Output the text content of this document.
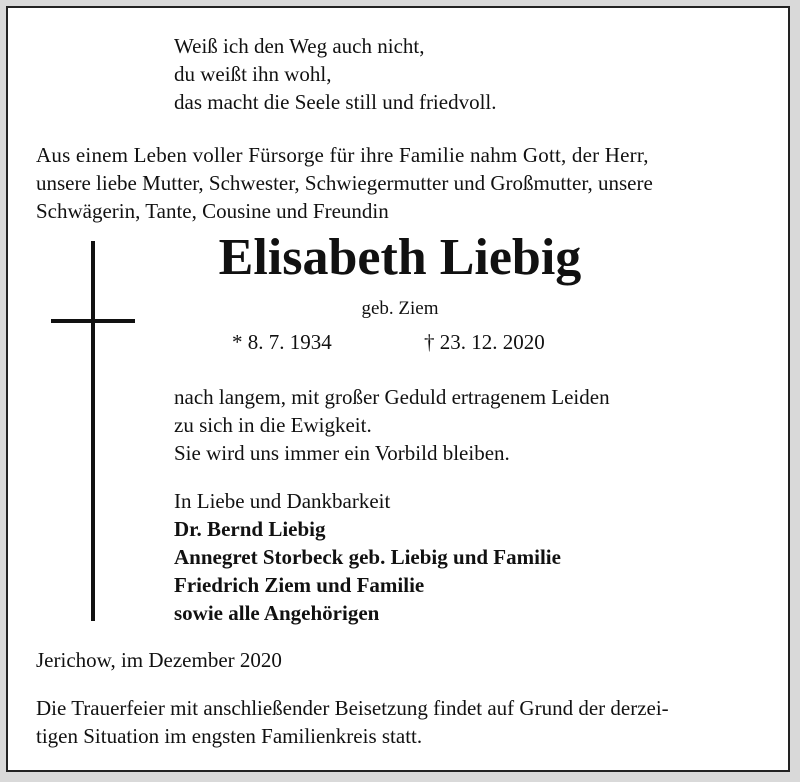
Weiß ich den Weg auch nicht,
du weißt ihn wohl,
das macht die Seele still und friedvoll.
Aus einem Leben voller Fürsorge für ihre Familie nahm Gott, der Herr,
unsere liebe Mutter, Schwester, Schwiegermutter und Großmutter, unsere
Schwägerin, Tante, Cousine und Freundin
Elisabeth Liebig
geb. Ziem
* 8. 7. 1934	† 23. 12. 2020
nach langem, mit großer Geduld ertragenem Leiden
zu sich in die Ewigkeit.
Sie wird uns immer ein Vorbild bleiben.
In Liebe und Dankbarkeit
Dr. Bernd Liebig
Annegret Storbeck geb. Liebig und Familie
Friedrich Ziem und Familie
sowie alle Angehörigen
Jerichow, im Dezember 2020
Die Trauerfeier mit anschließender Beisetzung findet auf Grund der derzei-
tigen Situation im engsten Familienkreis statt.
